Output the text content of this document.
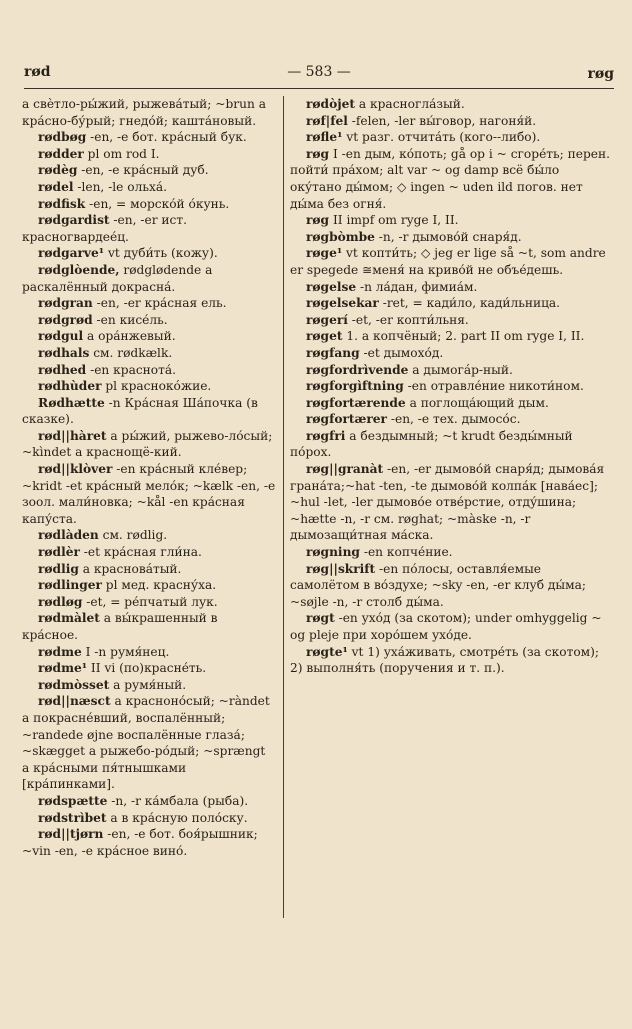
rød	— 583 —	røg

а свѐтло-ры́жий, рыжева́тый; ~brun а кра́сно-бу́рый; гнедо́й; кашта́новый.

rødbøg -en, -e бот. кра́сный бук.

rødder pl om rod I.

rødèg -en, -e кра́сный дуб.

rødel -len, -le ольха́.

rødfisk -en, = морско́й о́кунь.

rødgardist -en, -er ист. красногвардее́ц.

rødgarve¹ vt дуби́ть (кожу).

rødglòende, rødglødende а раскалённый докрасна́.

rødgran -en, -er кра́сная ель.

rødgrød -en кисе́ль.

rødgul а ора́нжевый.

rødhals см. rødkælk.

rødhed -en краснота́.

rødhùder pl краснокóжие.

Rødhætte -n Кра́сная Ша́почка (в сказке).

rød||hàret а ры́жий, рыжево-ло́сый; ~kìndet а краснощё-кий.

rød||klòver -en кра́сный кле́вер; ~kridt -et кра́сный мело́к; ~kælk -en, -e зоол. мали́новка; ~kål -en кра́сная капу́ста.

rødlàden см. rødlig.

rødlèr -et кра́сная гли́на.

rødlig а красновáтый.

rødlinger pl мед. красну́ха.

rødløg -et, = ре́пчатый лук.

rødmàlet а вы́крашенный в кра́сное.

rødme I -n румя́нец.

rødme¹ II vi (по)красне́ть.

rødmòsset а румя́ный.

rød||næsct а красноно́сый; ~ràndet а покрасне́вший, воспалённый; ~randede øjne воспалённые глаза́; ~skægget а рыжебо-ро́дый; ~sprængt а кра́сными пя́тнышками [кра́пинками].

rødspætte -n, -r ка́мбала (рыба).

rødstrìbet а в кра́сную поло́ску.

rød||tjørn -en, -e бот. боя́рышник; ~vin -en, -e кра́сное вино́.

rødòjet а красногла́зый.

røf|fel -felen, -ler вы́говор, нагоня́й.

røfle¹ vt разг. отчита́ть (кого--либо).

røg I -en дым, ко́поть; gå op i ~ сгоре́ть; перен. пойти́ пра́хом; alt var ~ og damp всё бы́ло оку́тано ды́мом; ◇ ingen ~ uden ild погов. нет ды́ма без огня́.

røg II impf om ryge I, II.

røgbòmbe -n, -r дымово́й снаря́д.

røge¹ vt копти́ть; ◇ jeg er lige så ~t, som andre er spegede ≅меня́ на криво́й не объе́дешь.

røgelse -n ла́дан, фимиа́м.

røgelsekar -ret, = кади́ло, кади́льница.

røgerí -et, -er копти́льня.

røget 1. а копчёный; 2. part II om ryge I, II.

røgfang -et дымохо́д.

røgfordrìvende а дымогáр-ный.

røgforgìftning -en отравле́ние никоти́ном.

røgfortærende а поглоща́ющий дым.

røgfortærer -en, -e тех. дымосо́с.

røgfri а бездымный; ~t krudt безды́мный по́рох.

røg||granàt -en, -er дымово́й снаря́д; дымова́я грана́та;~hat -ten, -te дымово́й колпа́к [нава́ес]; ~hul -let, -ler дымово́е отве́рстие, отду́шина; ~hætte -n, -r см. røghat; ~màske -n, -r дымозащи́тная ма́ска.

røgning -en копче́ние.

røg||skrift -en по́лосы, оставля́емые самолётом в во́здухе; ~sky -en, -er клуб ды́ма; ~søjle -n, -r столб ды́ма.

røgt -en ухо́д (за скотом); under omhyggelig ~ og pleje при хоро́шем ухо́де.

røgte¹ vt 1) уха́живать, смотре́ть (за скотом); 2) выполня́ть (поручения и т. п.).
